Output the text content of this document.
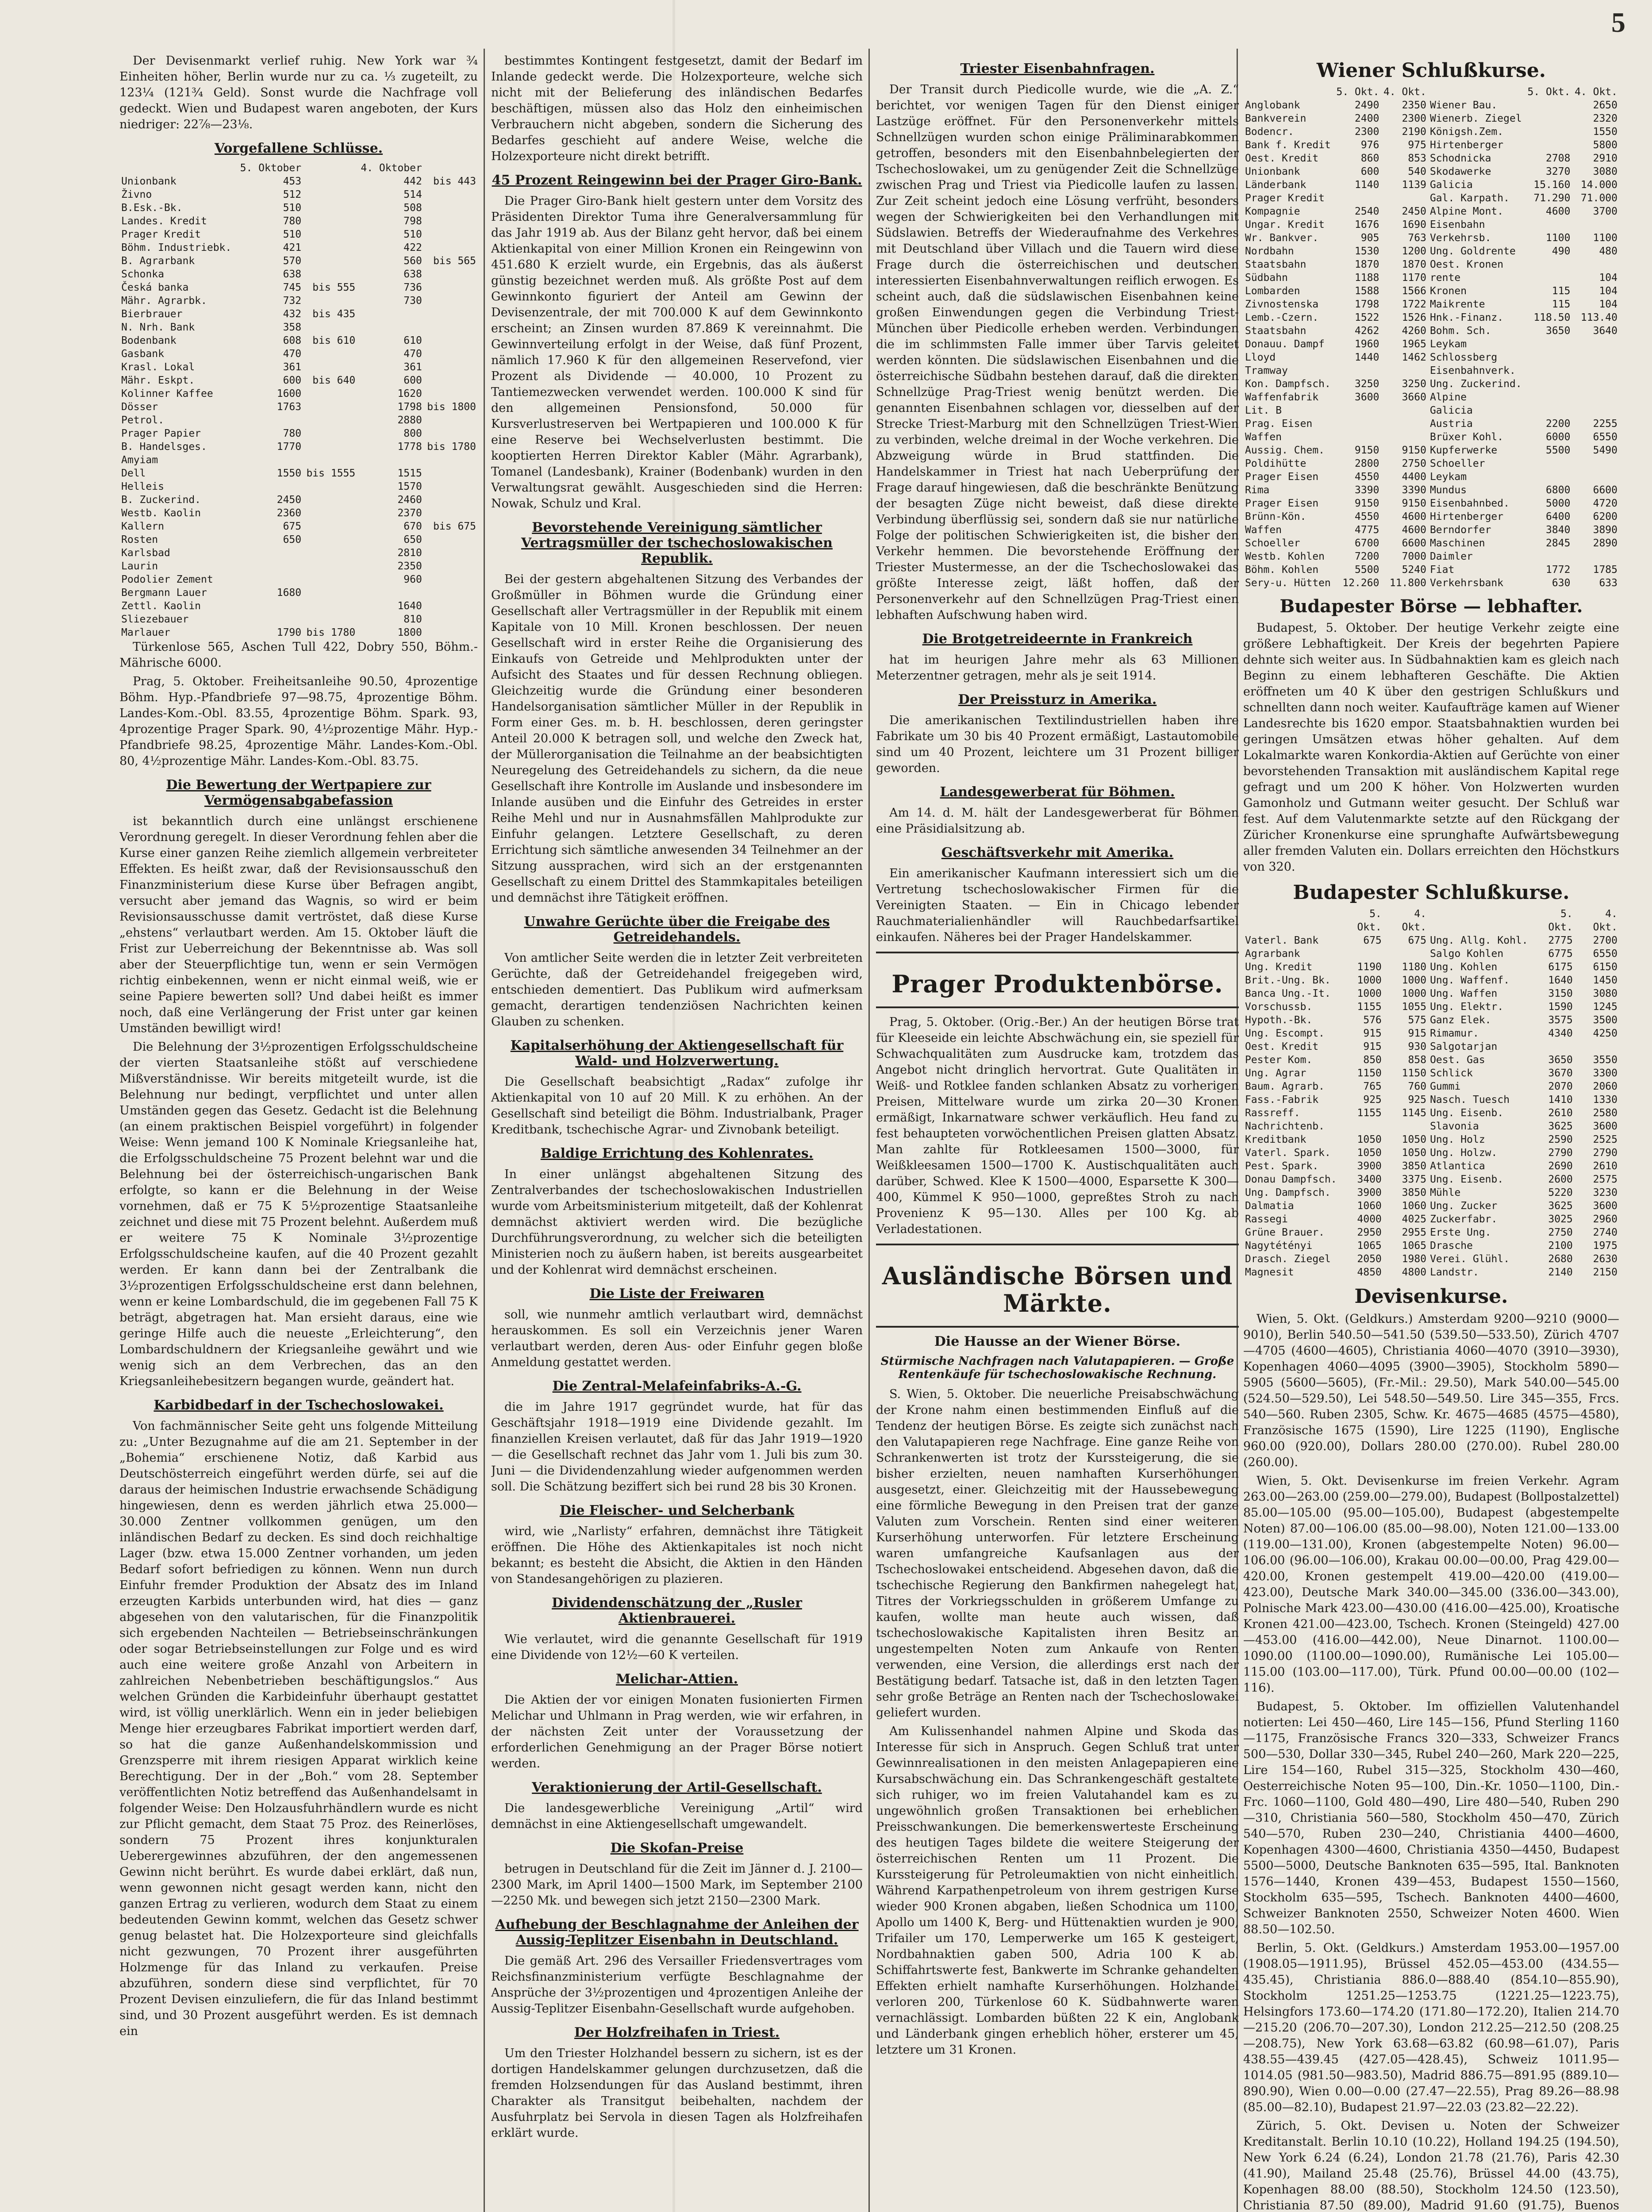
5

Der Devisenmarkt verlief ruhig. New York war ¾ Einheiten höher, Berlin wurde nur zu ca. ⅓ zugeteilt, zu 123¼ (121¾ Geld). Sonst wurde die Nachfrage voll gedeckt. Wien und Budapest waren angeboten, der Kurs niedriger: 22⅞—23⅛.

Vorgefallene Schlüsse.
	5. Oktober		4. Oktober	
Unionbank	453		442	bis 443
Živno	512		514	
B.Esk.-Bk.	510		508	
Landes. Kredit	780		798	
Prager Kredit	510		510	
Böhm. Industriebk.	421		422	
B. Agrarbank	570		560	bis 565
Schonka	638		638	
Česká banka	745	bis 555	736	
Mähr. Agrarbk.	732		730	
Bierbrauer	432	bis 435		
N. Nrh. Bank	358			
Bodenbank	608	bis 610	610	
Gasbank	470		470	
Krasl. Lokal	361		361	
Mähr. Eskpt.	600	bis 640	600	
Kolinner Kaffee	1600		1620	
Dösser	1763		1798	bis 1800
Petrol.			2880	
Prager Papier	780		800	
B. Handelsges.	1770		1778	bis 1780
Amyiam				
Dell	1550	bis 1555	1515	
Helleis			1570	
B. Zuckerind.	2450		2460	
Westb. Kaolin	2360		2370	
Kallern	675		670	bis 675
Rosten	650		650	
Karlsbad			2810	
Laurin			2350	
Podolier Zement			960	
Bergmann Lauer	1680			
Zettl. Kaolin			1640	
Sliezebauer			810	
Marlauer	1790	bis 1780	1800	

Türkenlose 565, Aschen Tull 422, Dobry 550, Böhm.-Mährische 6000.

Prag, 5. Oktober. Freiheitsanleihe 90.50, 4prozentige Böhm. Hyp.-Pfandbriefe 97—98.75, 4prozentige Böhm. Landes-Kom.-Obl. 83.55, 4prozentige Böhm. Spark. 93, 4prozentige Prager Spark. 90, 4½prozentige Mähr. Hyp.-Pfandbriefe 98.25, 4prozentige Mähr. Landes-Kom.-Obl. 80, 4½prozentige Mähr. Landes-Kom.-Obl. 83.75.

Die Bewertung der Wertpapiere zur Vermögensabgabefassion

ist bekanntlich durch eine unlängst erschienene Verordnung geregelt. In dieser Verordnung fehlen aber die Kurse einer ganzen Reihe ziemlich allgemein verbreiteter Effekten. Es heißt zwar, daß der Revisionsausschuß den Finanzministerium diese Kurse über Befragen angibt, versucht aber jemand das Wagnis, so wird er beim Revisionsausschusse damit vertröstet, daß diese Kurse „ehstens“ verlautbart werden. Am 15. Oktober läuft die Frist zur Ueberreichung der Bekenntnisse ab. Was soll aber der Steuerpflichtige tun, wenn er sein Vermögen richtig einbekennen, wenn er nicht einmal weiß, wie er seine Papiere bewerten soll? Und dabei heißt es immer noch, daß eine Verlängerung der Frist unter gar keinen Umständen bewilligt wird!

Die Belehnung der 3½prozentigen Erfolgsschuldscheine der vierten Staatsanleihe stößt auf verschiedene Mißverständnisse. Wir bereits mitgeteilt wurde, ist die Belehnung nur bedingt, verpflichtet und unter allen Umständen gegen das Gesetz. Gedacht ist die Belehnung (an einem praktischen Beispiel vorgeführt) in folgender Weise: Wenn jemand 100 K Nominale Kriegsanleihe hat, die Erfolgsschuldscheine 75 Prozent belehnt war und die Belehnung bei der österreichisch-ungarischen Bank erfolgte, so kann er die Belehnung in der Weise vornehmen, daß er 75 K 5½prozentige Staatsanleihe zeichnet und diese mit 75 Prozent belehnt. Außerdem muß er weitere 75 K Nominale 3½prozentige Erfolgsschuldscheine kaufen, auf die 40 Prozent gezahlt werden. Er kann dann bei der Zentralbank die 3½prozentigen Erfolgsschuldscheine erst dann belehnen, wenn er keine Lombardschuld, die im gegebenen Fall 75 K beträgt, abgetragen hat. Man ersieht daraus, eine wie geringe Hilfe auch die neueste „Erleichterung“, den Lombardschuldnern der Kriegsanleihe gewährt und wie wenig sich an dem Verbrechen, das an den Kriegsanleihebesitzern begangen wurde, geändert hat.

Karbidbedarf in der Tschechoslowakei.

Von fachmännischer Seite geht uns folgende Mitteilung zu: „Unter Bezugnahme auf die am 21. September in der „Bohemia“ erschienene Notiz, daß Karbid aus Deutschösterreich eingeführt werden dürfe, sei auf die daraus der heimischen Industrie erwachsende Schädigung hingewiesen, denn es werden jährlich etwa 25.000—30.000 Zentner vollkommen genügen, um den inländischen Bedarf zu decken. Es sind doch reichhaltige Lager (bzw. etwa 15.000 Zentner vorhanden, um jeden Bedarf sofort befriedigen zu können. Wenn nun durch Einfuhr fremder Produktion der Absatz des im Inland erzeugten Karbids unterbunden wird, hat dies — ganz abgesehen von den valutarischen, für die Finanzpolitik sich ergebenden Nachteilen — Betriebseinschränkungen oder sogar Betriebseinstellungen zur Folge und es wird auch eine weitere große Anzahl von Arbeitern in zahlreichen Nebenbetrieben beschäftigungslos.“ Aus welchen Gründen die Karbideinfuhr überhaupt gestattet wird, ist völlig unerklärlich. Wenn ein in jeder beliebigen Menge hier erzeugbares Fabrikat importiert werden darf, so hat die ganze Außenhandelskommission und Grenzsperre mit ihrem riesigen Apparat wirklich keine Berechtigung. Der in der „Boh.“ vom 28. September veröffentlichten Notiz betreffend das Außenhandelsamt in folgender Weise: Den Holzausfuhrhändlern wurde es nicht zur Pflicht gemacht, dem Staat 75 Proz. des Reinerlöses, sondern 75 Prozent ihres konjunkturalen Ueberergewinnes abzuführen, der den angemessenen Gewinn nicht berührt. Es wurde dabei erklärt, daß nun, wenn gewonnen nicht gesagt werden kann, nicht den ganzen Ertrag zu verlieren, wodurch dem Staat zu einem bedeutenden Gewinn kommt, welchen das Gesetz schwer genug belastet hat. Die Holzexporteure sind gleichfalls nicht gezwungen, 70 Prozent ihrer ausgeführten Holzmenge für das Inland zu verkaufen. Preise abzuführen, sondern diese sind verpflichtet, für 70 Prozent Devisen einzuliefern, die für das Inland bestimmt sind, und 30 Prozent ausgeführt werden. Es ist demnach ein

bestimmtes Kontingent festgesetzt, damit der Bedarf im Inlande gedeckt werde. Die Holzexporteure, welche sich nicht mit der Belieferung des inländischen Bedarfes beschäftigen, müssen also das Holz den einheimischen Verbrauchern nicht abgeben, sondern die Sicherung des Bedarfes geschieht auf andere Weise, welche die Holzexporteure nicht direkt betrifft.

45 Prozent Reingewinn bei der Prager Giro-Bank.

Die Prager Giro-Bank hielt gestern unter dem Vorsitz des Präsidenten Direktor Tuma ihre Generalversammlung für das Jahr 1919 ab. Aus der Bilanz geht hervor, daß bei einem Aktienkapital von einer Million Kronen ein Reingewinn von 451.680 K erzielt wurde, ein Ergebnis, das als äußerst günstig bezeichnet werden muß. Als größte Post auf dem Gewinnkonto figuriert der Anteil am Gewinn der Devisenzentrale, der mit 700.000 K auf dem Gewinnkonto erscheint; an Zinsen wurden 87.869 K vereinnahmt. Die Gewinnverteilung erfolgt in der Weise, daß fünf Prozent, nämlich 17.960 K für den allgemeinen Reservefond, vier Prozent als Dividende — 40.000, 10 Prozent zu Tantiemezwecken verwendet werden. 100.000 K sind für den allgemeinen Pensionsfond, 50.000 für Kursverlustreserven bei Wertpapieren und 100.000 K für eine Reserve bei Wechselverlusten bestimmt. Die kooptierten Herren Direktor Kabler (Mähr. Agrarbank), Tomanel (Landesbank), Krainer (Bodenbank) wurden in den Verwaltungsrat gewählt. Ausgeschieden sind die Herren: Nowak, Schulz und Kral.

Bevorstehende Vereinigung sämtlicher Vertragsmüller der tschechoslowakischen Republik.

Bei der gestern abgehaltenen Sitzung des Verbandes der Großmüller in Böhmen wurde die Gründung einer Gesellschaft aller Vertragsmüller in der Republik mit einem Kapitale von 10 Mill. Kronen beschlossen. Der neuen Gesellschaft wird in erster Reihe die Organisierung des Einkaufs von Getreide und Mehlprodukten unter der Aufsicht des Staates und für dessen Rechnung obliegen. Gleichzeitig wurde die Gründung einer besonderen Handelsorganisation sämtlicher Müller in der Republik in Form einer Ges. m. b. H. beschlossen, deren geringster Anteil 20.000 K betragen soll, und welche den Zweck hat, der Müllerorganisation die Teilnahme an der beabsichtigten Neuregelung des Getreidehandels zu sichern, da die neue Gesellschaft ihre Kontrolle im Auslande und insbesondere im Inlande ausüben und die Einfuhr des Getreides in erster Reihe Mehl und nur in Ausnahmsfällen Mahlprodukte zur Einfuhr gelangen. Letztere Gesellschaft, zu deren Errichtung sich sämtliche anwesenden 34 Teilnehmer an der Sitzung aussprachen, wird sich an der erstgenannten Gesellschaft zu einem Drittel des Stammkapitales beteiligen und demnächst ihre Tätigkeit eröffnen.

Unwahre Gerüchte über die Freigabe des Getreidehandels.

Von amtlicher Seite werden die in letzter Zeit verbreiteten Gerüchte, daß der Getreidehandel freigegeben wird, entschieden dementiert. Das Publikum wird aufmerksam gemacht, derartigen tendenziösen Nachrichten keinen Glauben zu schenken.

Kapitalserhöhung der Aktiengesellschaft für Wald- und Holzverwertung.

Die Gesellschaft beabsichtigt „Radax“ zufolge ihr Aktienkapital von 10 auf 20 Mill. K zu erhöhen. An der Gesellschaft sind beteiligt die Böhm. Industrialbank, Prager Kreditbank, tschechische Agrar- und Zivnobank beteiligt.

Baldige Errichtung des Kohlenrates.

In einer unlängst abgehaltenen Sitzung des Zentralverbandes der tschechoslowakischen Industriellen wurde vom Arbeitsministerium mitgeteilt, daß der Kohlenrat demnächst aktiviert werden wird. Die bezügliche Durchführungsverordnung, zu welcher sich die beteiligten Ministerien noch zu äußern haben, ist bereits ausgearbeitet und der Kohlenrat wird demnächst erscheinen.

Die Liste der Freiwaren

soll, wie nunmehr amtlich verlautbart wird, demnächst herauskommen. Es soll ein Verzeichnis jener Waren verlautbart werden, deren Aus- oder Einfuhr gegen bloße Anmeldung gestattet werden.

Die Zentral-Melafeinfabriks-A.-G.

die im Jahre 1917 gegründet wurde, hat für das Geschäftsjahr 1918—1919 eine Dividende gezahlt. Im finanziellen Kreisen verlautet, daß für das Jahr 1919—1920 — die Gesellschaft rechnet das Jahr vom 1. Juli bis zum 30. Juni — die Dividendenzahlung wieder aufgenommen werden soll. Die Schätzung beziffert sich bei rund 28 bis 30 Kronen.

Die Fleischer- und Selcherbank

wird, wie „Narlisty“ erfahren, demnächst ihre Tätigkeit eröffnen. Die Höhe des Aktienkapitales ist noch nicht bekannt; es besteht die Absicht, die Aktien in den Händen von Standesangehörigen zu plazieren.

Dividendenschätzung der „Rusler Aktienbrauerei.

Wie verlautet, wird die genannte Gesellschaft für 1919 eine Dividende von 12½—60 K verteilen.

Melichar-Attien.

Die Aktien der vor einigen Monaten fusionierten Firmen Melichar und Uhlmann in Prag werden, wie wir erfahren, in der nächsten Zeit unter der Voraussetzung der erforderlichen Genehmigung an der Prager Börse notiert werden.

Veraktionierung der Artil-Gesellschaft.

Die landesgewerbliche Vereinigung „Artil“ wird demnächst in eine Aktiengesellschaft umgewandelt.

Die Skofan-Preise

betrugen in Deutschland für die Zeit im Jänner d. J. 2100—2300 Mark, im April 1400—1500 Mark, im September 2100—2250 Mk. und bewegen sich jetzt 2150—2300 Mark.

Aufhebung der Beschlagnahme der Anleihen der Aussig-Teplitzer Eisenbahn in Deutschland.

Die gemäß Art. 296 des Versailler Friedensvertrages vom Reichsfinanzministerium verfügte Beschlagnahme der Ansprüche der 3½prozentigen und 4prozentigen Anleihe der Aussig-Teplitzer Eisenbahn-Gesellschaft wurde aufgehoben.

Der Holzfreihafen in Triest.

Um den Triester Holzhandel bessern zu sichern, ist es der dortigen Handelskammer gelungen durchzusetzen, daß die fremden Holzsendungen für das Ausland bestimmt, ihren Charakter als Transitgut beibehalten, nachdem der Ausfuhrplatz bei Servola in diesen Tagen als Holzfreihafen erklärt wurde.

Triester Eisenbahnfragen.

Der Transit durch Piedicolle wurde, wie die „A. Z.“ berichtet, vor wenigen Tagen für den Dienst einiger Lastzüge eröffnet. Für den Personenverkehr mittels Schnellzügen wurden schon einige Präliminarabkommen getroffen, besonders mit den Eisenbahnbelegierten der Tschechoslowakei, um zu genügender Zeit die Schnellzüge zwischen Prag und Triest via Piedicolle laufen zu lassen. Zur Zeit scheint jedoch eine Lösung verfrüht, besonders wegen der Schwierigkeiten bei den Verhandlungen mit Südslawien. Betreffs der Wiederaufnahme des Verkehres mit Deutschland über Villach und die Tauern wird diese Frage durch die österreichischen und deutschen interessierten Eisenbahnverwaltungen reiflich erwogen. Es scheint auch, daß die südslawischen Eisenbahnen keine großen Einwendungen gegen die Verbindung Triest-München über Piedicolle erheben werden. Verbindungen die im schlimmsten Falle immer über Tarvis geleitet werden könnten. Die südslawischen Eisenbahnen und die österreichische Südbahn bestehen darauf, daß die direkten Schnellzüge Prag-Triest wenig benützt werden. Die genannten Eisenbahnen schlagen vor, diesselben auf der Strecke Triest-Marburg mit den Schnellzügen Triest-Wien zu verbinden, welche dreimal in der Woche verkehren. Die Abzweigung würde in Brud stattfinden. Die Handelskammer in Triest hat nach Ueberprüfung der Frage darauf hingewiesen, daß die beschränkte Benützung der besagten Züge nicht beweist, daß diese direkte Verbindung überflüssig sei, sondern daß sie nur natürliche Folge der politischen Schwierigkeiten ist, die bisher den Verkehr hemmen. Die bevorstehende Eröffnung der Triester Mustermesse, an der die Tschechoslowakei das größte Interesse zeigt, läßt hoffen, daß der Personenverkehr auf den Schnellzügen Prag-Triest einen lebhaften Aufschwung haben wird.

Die Brotgetreideernte in Frankreich

hat im heurigen Jahre mehr als 63 Millionen Meterzentner getragen, mehr als je seit 1914.

Der Preissturz in Amerika.

Die amerikanischen Textilindustriellen haben ihre Fabrikate um 30 bis 40 Prozent ermäßigt, Lastautomobile sind um 40 Prozent, leichtere um 31 Prozent billiger geworden.

Landesgewerberat für Böhmen.

Am 14. d. M. hält der Landesgewerberat für Böhmen eine Präsidialsitzung ab.

Geschäftsverkehr mit Amerika.

Ein amerikanischer Kaufmann interessiert sich um die Vertretung tschechoslowakischer Firmen für die Vereinigten Staaten. — Ein in Chicago lebender Rauchmaterialienhändler will Rauchbedarfsartikel einkaufen. Näheres bei der Prager Handelskammer.

Prager Produktenbörse.

Prag, 5. Oktober. (Orig.-Ber.) An der heutigen Börse trat für Kleeseide ein leichte Abschwächung ein, sie speziell für Schwachqualitäten zum Ausdrucke kam, trotzdem das Angebot nicht dringlich hervortrat. Gute Qualitäten in Weiß- und Rotklee fanden schlanken Absatz zu vorherigen Preisen, Mittelware wurde um zirka 20—30 Kronen ermäßigt, Inkarnatware schwer verkäuflich. Heu fand zu fest behaupteten vorwöchentlichen Preisen glatten Absatz. Man zahlte für Rotkleesamen 1500—3000, für Weißkleesamen 1500—1700 K. Austischqualitäten auch darüber, Schwed. Klee K 1500—4000, Esparsette K 300—400, Kümmel K 950—1000, gepreßtes Stroh zu nach Provenienz K 95—130. Alles per 100 Kg. ab Verladestationen.

Ausländische Börsen und Märkte.
Die Hausse an der Wiener Börse.
Stürmische Nachfragen nach Valutapapieren. — Große Rentenkäufe für tschechoslowakische Rechnung.

S. Wien, 5. Oktober. Die neuerliche Preisabschwächung der Krone nahm einen bestimmenden Einfluß auf die Tendenz der heutigen Börse. Es zeigte sich zunächst nach den Valutapapieren rege Nachfrage. Eine ganze Reihe von Schrankenwerten ist trotz der Kurssteigerung, die sie bisher erzielten, neuen namhaften Kurserhöhungen ausgesetzt, einer. Gleichzeitig mit der Haussebewegung eine förmliche Bewegung in den Preisen trat der ganze Valuten zum Vorschein. Renten sind einer weiteren Kurserhöhung unterworfen. Für letztere Erscheinung waren umfangreiche Kaufsanlagen aus der Tschechoslowakei entscheidend. Abgesehen davon, daß die tschechische Regierung den Bankfirmen nahegelegt hat, Titres der Vorkriegsschulden in größerem Umfange zu kaufen, wollte man heute auch wissen, daß tschechoslowakische Kapitalisten ihren Besitz an ungestempelten Noten zum Ankaufe von Renten verwenden, eine Version, die allerdings erst nach der Bestätigung bedarf. Tatsache ist, daß in den letzten Tagen sehr große Beträge an Renten nach der Tschechoslowakei geliefert wurden.

Am Kulissenhandel nahmen Alpine und Skoda das Interesse für sich in Anspruch. Gegen Schluß trat unter Gewinnrealisationen in den meisten Anlagepapieren eine Kursabschwächung ein. Das Schrankengeschäft gestaltete sich ruhiger, wo im freien Valutahandel kam es zu ungewöhnlich großen Transaktionen bei erheblichen Preisschwankungen. Die bemerkenswerteste Erscheinung des heutigen Tages bildete die weitere Steigerung der österreichischen Renten um 11 Prozent. Die Kurssteigerung für Petroleumaktien von nicht einheitlich. Während Karpathenpetroleum von ihrem gestrigen Kurse wieder 900 Kronen abgaben, ließen Schodnica um 1100, Apollo um 1400 K, Berg- und Hüttenaktien wurden je 900, Trifailer um 170, Lemperwerke um 165 K gesteigert, Nordbahnaktien gaben 500, Adria 100 K ab. Schiffahrtswerte fest, Bankwerte im Schranke gehandelten Effekten erhielt namhafte Kurserhöhungen. Holzhandel verloren 200, Türkenlose 60 K. Südbahnwerte waren vernachlässigt. Lombarden büßten 22 K ein, Anglobank und Länderbank gingen erheblich höher, ersterer um 45, letztere um 31 Kronen.

Wiener Schlußkurse.
	5. Okt.	4. Okt.		5. Okt.	4. Okt.
Anglobank	2490	2350	Wiener Bau.		2650
Bankverein	2400	2300	Wienerb. Ziegel		2320
Bodencr.	2300	2190	Königsh.Zem.		1550
Bank f. Kredit	976	975	Hirtenberger		5800
Oest. Kredit	860	853	Schodnicka	2708	2910
Unionbank	600	540	Skodawerke	3270	3080
Länderbank	1140	1139	Galicia	15.160	14.000
Prager Kredit			Gal. Karpath.	71.290	71.000
Kompagnie	2540	2450	Alpine Mont.	4600	3700
Ungar. Kredit	1676	1690	Eisenbahn		
Wr. Bankver.	905	763	Verkehrsb.	1100	1100
Nordbahn	1530	1200	Ung. Goldrente	490	480
Staatsbahn	1870	1870	Oest. Kronen		
Südbahn	1188	1170	rente		104
Lombarden	1588	1566	Kronen	115	104
Zivnostenska	1798	1722	Maikrente	115	104
Lemb.-Czern.	1522	1526	Hnk.-Finanz.	118.50	113.40
Staatsbahn	4262	4260	Bohm. Sch.	3650	3640
Donauu. Dampf	1960	1965	Leykam		
Lloyd	1440	1462	Schlossberg		
Tramway			Eisenbahnverk.		
Kon. Dampfsch.	3250	3250	Ung. Zuckerind.		
Waffenfabrik	3600	3660	Alpine		
Lit. B			Galicia		
Prag. Eisen			Austria	2200	2255
Waffen			Brüxer Kohl.	6000	6550
Aussig. Chem.	9150	9150	Kupferwerke	5500	5490
Poldihütte	2800	2750	Schoeller		
Prager Eisen	4550	4400	Leykam		
Rima	3390	3390	Mundus	6800	6600
Prager Eisen	9150	9150	Eisenbahnbed.	5000	4720
Brünn-Kön.	4550	4600	Hirtenberger	6400	6200
Waffen	4775	4600	Berndorfer	3840	3890
Schoeller	6700	6600	Maschinen	2845	2890
Westb. Kohlen	7200	7000	Daimler		
Böhm. Kohlen	5500	5240	Fiat	1772	1785
Sery-u. Hütten	12.260	11.800	Verkehrsbank	630	633
Budapester Börse — lebhafter.

Budapest, 5. Oktober. Der heutige Verkehr zeigte eine größere Lebhaftigkeit. Der Kreis der begehrten Papiere dehnte sich weiter aus. In Südbahnaktien kam es gleich nach Beginn zu einem lebhafteren Geschäfte. Die Aktien eröffneten um 40 K über den gestrigen Schlußkurs und schnellten dann noch weiter. Kaufaufträge kamen auf Wiener Landesrechte bis 1620 empor. Staatsbahnaktien wurden bei geringen Umsätzen etwas höher gehalten. Auf dem Lokalmarkte waren Konkordia-Aktien auf Gerüchte von einer bevorstehenden Transaktion mit ausländischem Kapital rege gefragt und um 200 K höher. Von Holzwerten wurden Gamonholz und Gutmann weiter gesucht. Der Schluß war fest. Auf dem Valutenmarkte setzte auf den Rückgang der Züricher Kronenkurse eine sprunghafte Aufwärtsbewegung aller fremden Valuten ein. Dollars erreichten den Höchstkurs von 320.

Budapester Schlußkurse.
	5. Okt.	4. Okt.		5. Okt.	4. Okt.
Vaterl. Bank	675	675	Ung. Allg. Kohl.	2775	2700
Agrarbank			Salgo Kohlen	6775	6550
Ung. Kredit	1190	1180	Ung. Kohlen	6175	6150
Brit.-Ung. Bk.	1000	1000	Ung. Waffenf.	1640	1450
Banca Ung.-It.	1000	1000	Ung. Waffen	3150	3080
Vorschussb.	1155	1055	Ung. Elektr.	1590	1245
Hypoth.-Bk.	576	575	Ganz Elek.	3575	3500
Ung. Escompt.	915	915	Rimamur.	4340	4250
Oest. Kredit	915	930	Salgotarjan		
Pester Kom.	850	858	Oest. Gas	3650	3550
Ung. Agrar	1150	1150	Schlick	3670	3300
Baum. Agrarb.	765	760	Gummi	2070	2060
Fass.-Fabrik	925	925	Nasch. Tuesch	1410	1330
Rassreff.	1155	1145	Ung. Eisenb.	2610	2580
Nachrichtenb.			Slavonia	3625	3600
Kreditbank	1050	1050	Ung. Holz	2590	2525
Vaterl. Spark.	1050	1050	Ung. Holzw.	2790	2790
Pest. Spark.	3900	3850	Atlantica	2690	2610
Donau Dampfsch.	3400	3375	Ung. Eisenb.	2600	2575
Ung. Dampfsch.	3900	3850	Mühle	5220	3230
Dalmatia	1060	1060	Ung. Zucker	3625	3600
Rassegi	4000	4025	Zuckerfabr.	3025	2960
Grüne Brauer.	2950	2955	Erste Ung.	2750	2740
Nagytétényi	1065	1065	Drasche	2100	1975
Drasch. Ziegel	2050	1980	Verei. Glühl.	2680	2630
Magnesit	4850	4800	Landstr.	2140	2150
Devisenkurse.

Wien, 5. Okt. (Geldkurs.) Amsterdam 9200—9210 (9000—9010), Berlin 540.50—541.50 (539.50—533.50), Zürich 4707—4705 (4600—4605), Christiania 4060—4070 (3910—3930), Kopenhagen 4060—4095 (3900—3905), Stockholm 5890—5905 (5600—5605), (Fr.-Mil.: 29.50), Mark 540.00—545.00 (524.50—529.50), Lei 548.50—549.50. Lire 345—355, Frcs. 540—560. Ruben 2305, Schw. Kr. 4675—4685 (4575—4580), Französische 1675 (1590), Lire 1225 (1190), Englische 960.00 (920.00), Dollars 280.00 (270.00). Rubel 280.00 (260.00).

Wien, 5. Okt. Devisenkurse im freien Verkehr. Agram 263.00—263.00 (259.00—279.00), Budapest (Bollpostalzettel) 85.00—105.00 (95.00—105.00), Budapest (abgestempelte Noten) 87.00—106.00 (85.00—98.00), Noten 121.00—133.00 (119.00—131.00), Kronen (abgestempelte Noten) 96.00—106.00 (96.00—106.00), Krakau 00.00—00.00, Prag 429.00—420.00, Kronen gestempelt 419.00—420.00 (419.00—423.00), Deutsche Mark 340.00—345.00 (336.00—343.00), Polnische Mark 423.00—430.00 (416.00—425.00), Kroatische Kronen 421.00—423.00, Tschech. Kronen (Steingeld) 427.00—453.00 (416.00—442.00), Neue Dinarnot. 1100.00—1090.00 (1100.00—1090.00), Rumänische Lei 105.00—115.00 (103.00—117.00), Türk. Pfund 00.00—00.00 (102—116).

Budapest, 5. Oktober. Im offiziellen Valutenhandel notierten: Lei 450—460, Lire 145—156, Pfund Sterling 1160—1175, Französische Francs 320—333, Schweizer Francs 500—530, Dollar 330—345, Rubel 240—260, Mark 220—225, Lire 154—160, Rubel 315—325, Stockholm 430—460, Oesterreichische Noten 95—100, Din.-Kr. 1050—1100, Din.-Frc. 1060—1100, Gold 480—490, Lire 480—540, Ruben 290—310, Christiania 560—580, Stockholm 450—470, Zürich 540—570, Ruben 230—240, Christiania 4400—4600, Kopenhagen 4300—4600, Christiania 4350—4450, Budapest 5500—5000, Deutsche Banknoten 635—595, Ital. Banknoten 1576—1440, Kronen 439—453, Budapest 1550—1560, Stockholm 635—595, Tschech. Banknoten 4400—4600, Schweizer Banknoten 2550, Schweizer Noten 4600. Wien 88.50—102.50.

Berlin, 5. Okt. (Geldkurs.) Amsterdam 1953.00—1957.00 (1908.05—1911.95), Brüssel 452.05—453.00 (434.55—435.45), Christiania 886.0—888.40 (854.10—855.90), Stockholm 1251.25—1253.75 (1221.25—1223.75), Helsingfors 173.60—174.20 (171.80—172.20), Italien 214.70—215.20 (206.70—207.30), London 212.25—212.50 (208.25—208.75), New York 63.68—63.82 (60.98—61.07), Paris 438.55—439.45 (427.05—428.45), Schweiz 1011.95—1014.05 (981.50—983.50), Madrid 886.75—891.95 (889.10—890.90), Wien 0.00—0.00 (27.47—22.55), Prag 89.26—88.98 (85.00—82.10), Budapest 21.97—22.03 (23.82—22.22).

Zürich, 5. Okt. Devisen u. Noten der Schweizer Kreditanstalt. Berlin 10.10 (10.22), Holland 194.25 (194.50), New York 6.24 (6.24), London 21.78 (21.76), Paris 42.30 (41.90), Mailand 25.48 (25.76), Brüssel 44.00 (43.75), Kopenhagen 88.00 (88.50), Stockholm 124.50 (123.50), Christiania 87.50 (89.00), Madrid 91.60 (91.75), Buenos
